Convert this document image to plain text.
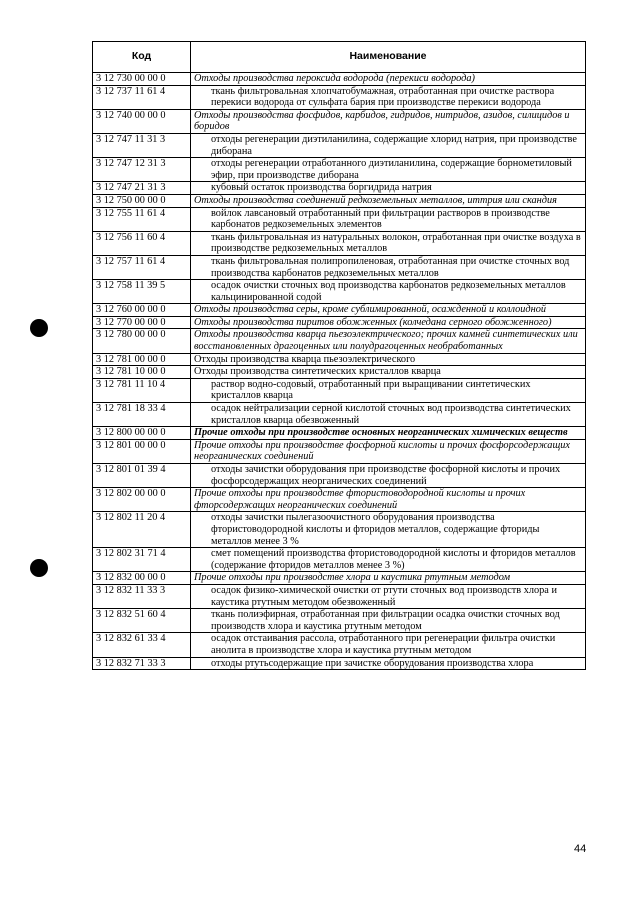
Код	Наименование
3 12 730 00 00 0	Отходы производства пероксида водорода (перекиси водорода)
3 12 737 11 61 4	ткань фильтровальная хлопчатобумажная, отработанная при очистке раствора перекиси водорода от сульфата бария при производстве перекиси водорода
3 12 740 00 00 0	Отходы производства фосфидов, карбидов, гидридов, нитридов, азидов, силицидов и боридов
3 12 747 11 31 3	отходы регенерации диэтиланилина, содержащие хлорид натрия, при производстве диборана
3 12 747 12 31 3	отходы регенерации отработанного диэтиланилина, содержащие борнометиловый эфир, при производстве диборана
3 12 747 21 31 3	кубовый остаток производства боргидрида натрия
3 12 750 00 00 0	Отходы производства соединений редкоземельных металлов, иттрия или скандия
3 12 755 11 61 4	войлок лавсановый отработанный при фильтрации растворов в производстве карбонатов редкоземельных элементов
3 12 756 11 60 4	ткань фильтровальная из натуральных волокон, отработанная при очистке воздуха в производстве редкоземельных металлов
3 12 757 11 61 4	ткань фильтровальная полипропиленовая, отработанная при очистке сточных вод производства карбонатов редкоземельных металлов
3 12 758 11 39 5	осадок очистки сточных вод производства карбонатов редкоземельных металлов кальцинированной содой
3 12 760 00 00 0	Отходы производства серы, кроме сублимированной, осажденной и коллоидной
3 12 770 00 00 0	Отходы производства пиритов обожженных (колчедана серного обожженного)
3 12 780 00 00 0	Отходы производства кварца пьезоэлектрического; прочих камней синтетических или восстановленных драгоценных или полудрагоценных необработанных
3 12 781 00 00 0	Отходы производства кварца пьезоэлектрического
3 12 781 10 00 0	Отходы производства синтетических кристаллов кварца
3 12 781 11 10 4	раствор водно-содовый, отработанный при выращивании синтетических кристаллов кварца
3 12 781 18 33 4	осадок нейтрализации серной кислотой сточных вод производства синтетических кристаллов кварца обезвоженный
3 12 800 00 00 0	Прочие отходы при производстве основных неорганических химических веществ
3 12 801 00 00 0	Прочие отходы при производстве фосфорной кислоты и прочих фосфорсодержащих неорганических соединений
3 12 801 01 39 4	отходы зачистки оборудования при производстве фосфорной кислоты и прочих фосфорсодержащих неорганических соединений
3 12 802 00 00 0	Прочие отходы при производстве фтористоводородной кислоты и прочих фторсодержащих неорганических соединений
3 12 802 11 20 4	отходы зачистки пылегазоочистного оборудования производства фтористоводородной кислоты и фторидов металлов, содержащие фториды металлов менее 3 %
3 12 802 31 71 4	смет помещений производства фтористоводородной кислоты и фторидов металлов (содержание фторидов металлов менее 3 %)
3 12 832 00 00 0	Прочие отходы при производстве хлора и каустика ртутным методом
3 12 832 11 33 3	осадок физико-химической очистки от ртути сточных вод производств хлора и каустика ртутным методом обезвоженный
3 12 832 51 60 4	ткань полиэфирная, отработанная при фильтрации осадка очистки сточных вод производств хлора и каустика ртутным методом
3 12 832 61 33 4	осадок отстаивания рассола, отработанного при регенерации фильтра очистки анолита в производстве хлора и каустика ртутным методом
3 12 832 71 33 3	отходы ртутьсодержащие при зачистке оборудования производства хлора
44
